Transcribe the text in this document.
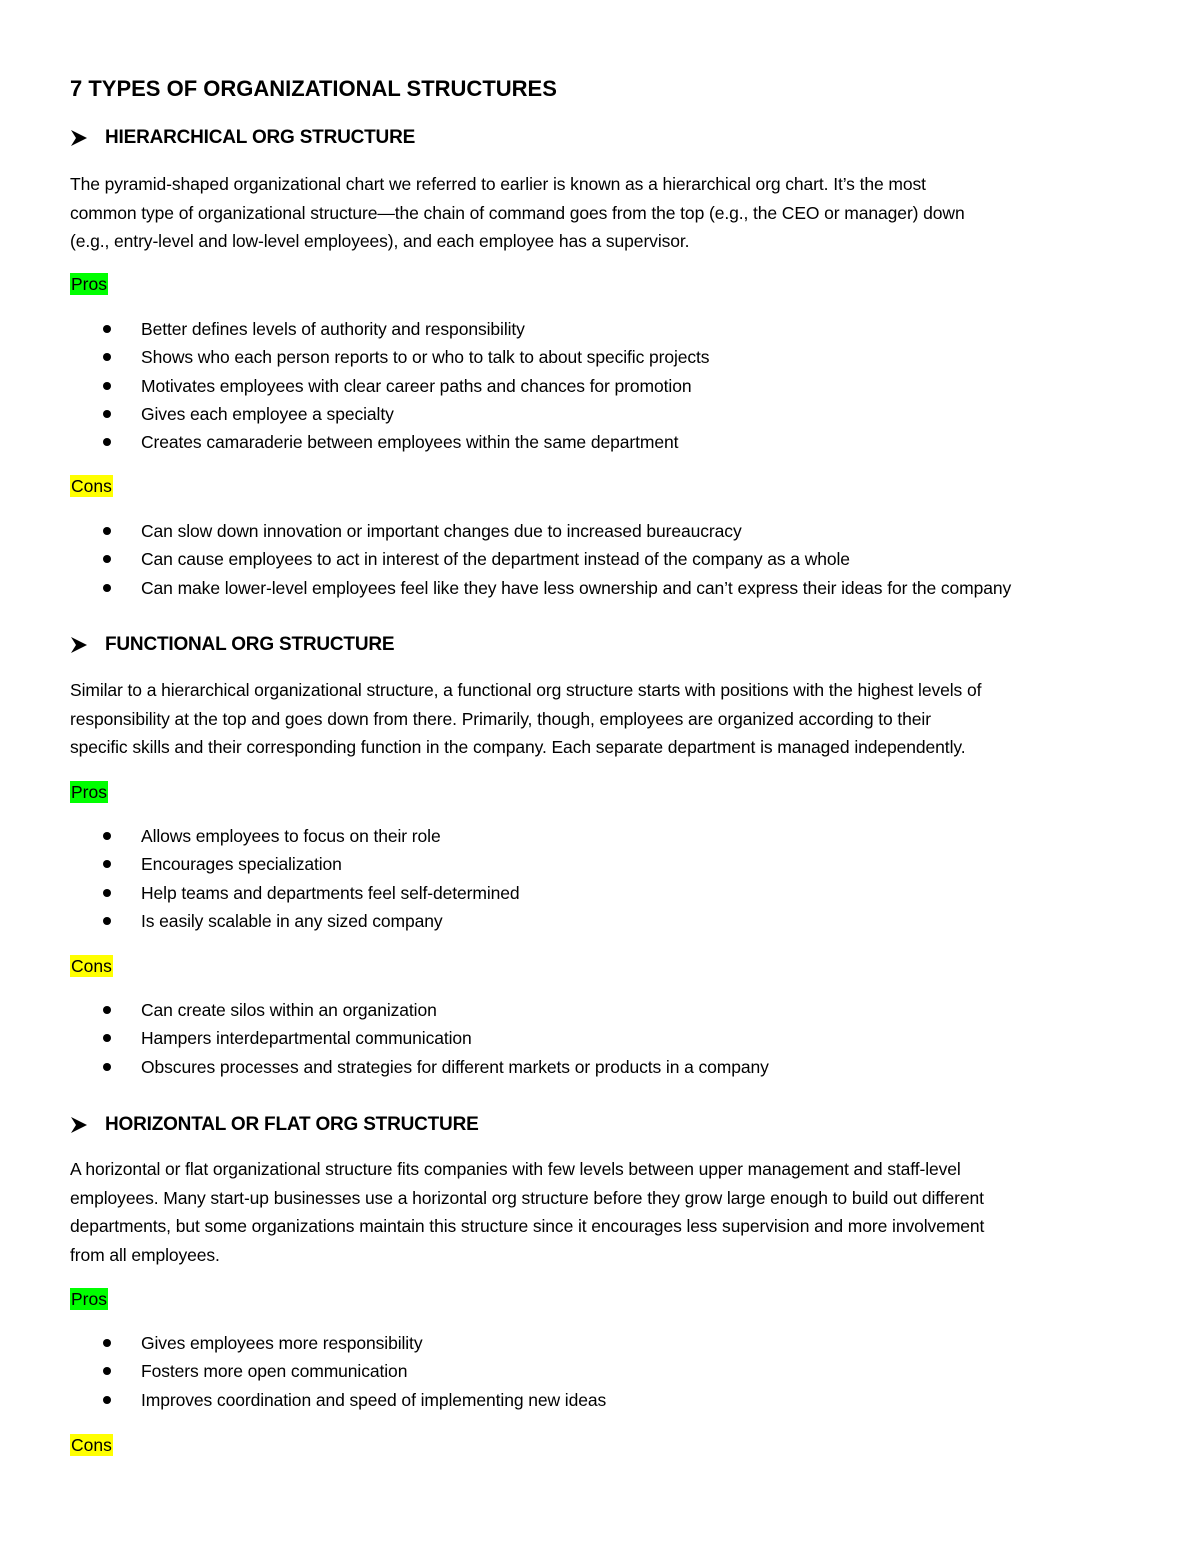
7 TYPES OF ORGANIZATIONAL STRUCTURES
HIERARCHICAL ORG STRUCTURE

The pyramid-shaped organizational chart we referred to earlier is known as a hierarchical org chart. It’s the most
common type of organizational structure—the chain of command goes from the top (e.g., the CEO or manager) down
(e.g., entry-level and low-level employees), and each employee has a supervisor.

Pros
Better defines levels of authority and responsibility
Shows who each person reports to or who to talk to about specific projects
Motivates employees with clear career paths and chances for promotion
Gives each employee a specialty
Creates camaraderie between employees within the same department
Cons
Can slow down innovation or important changes due to increased bureaucracy
Can cause employees to act in interest of the department instead of the company as a whole
Can make lower-level employees feel like they have less ownership and can’t express their ideas for the company
FUNCTIONAL ORG STRUCTURE

Similar to a hierarchical organizational structure, a functional org structure starts with positions with the highest levels of
responsibility at the top and goes down from there. Primarily, though, employees are organized according to their
specific skills and their corresponding function in the company. Each separate department is managed independently.

Pros
Allows employees to focus on their role
Encourages specialization
Help teams and departments feel self-determined
Is easily scalable in any sized company
Cons
Can create silos within an organization
Hampers interdepartmental communication
Obscures processes and strategies for different markets or products in a company
HORIZONTAL OR FLAT ORG STRUCTURE

A horizontal or flat organizational structure fits companies with few levels between upper management and staff-level
employees. Many start-up businesses use a horizontal org structure before they grow large enough to build out different
departments, but some organizations maintain this structure since it encourages less supervision and more involvement
from all employees.

Pros
Gives employees more responsibility
Fosters more open communication
Improves coordination and speed of implementing new ideas
Cons
